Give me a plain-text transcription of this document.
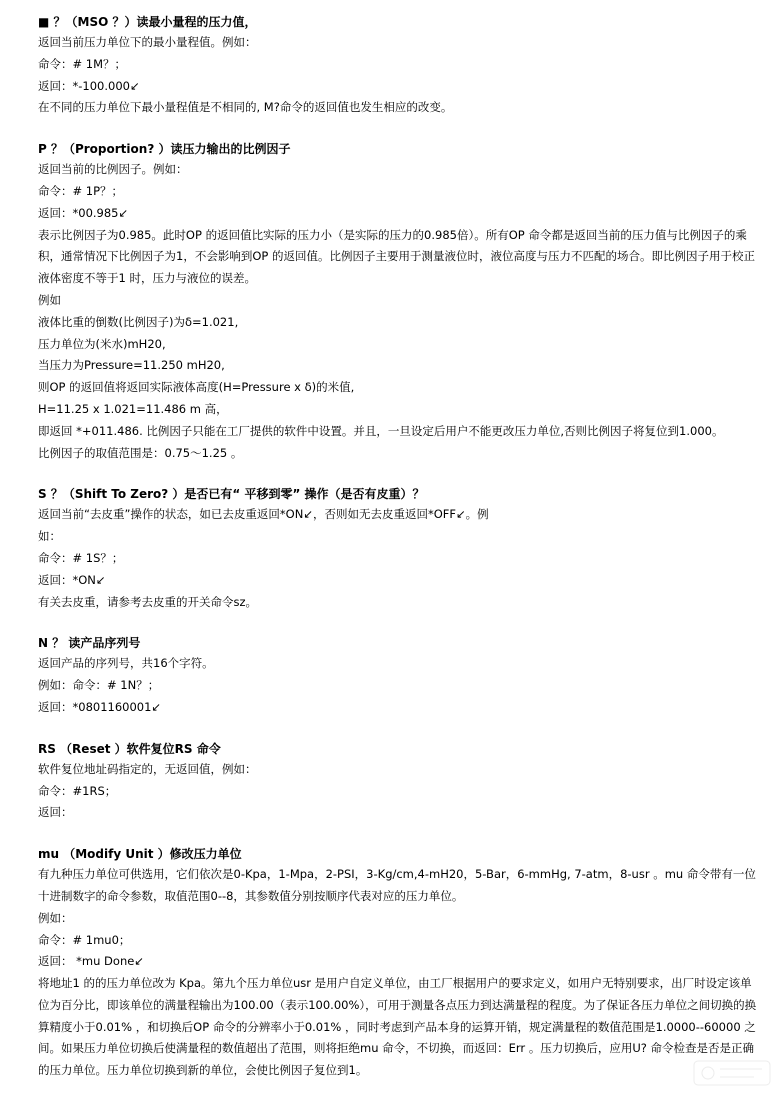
■ ？（MSO ？）读最小量程的压力值，
返回当前压力单位下的最小量程值。例如：
命令：# 1M？；
返回：*-100.000↙
在不同的压力单位下最小量程值是不相同的, M?命令的返回值也发生相应的改变。
P ？（Proportion? ）读压力输出的比例因子
返回当前的比例因子。例如：
命令：# 1P？；
返回：*00.985↙
表示比例因子为0.985。此时OP 的返回值比实际的压力小（是实际的压力的0.985倍）。所有OP 命令都是返回当前的压力值与比例因子的乘积，通常情况下比例因子为1，不会影响到OP 的返回值。比例因子主要用于测量液位时，液位高度与压力不匹配的场合。即比例因子用于校正液体密度不等于1 时，压力与液位的误差。
例如
液体比重的倒数(比例因子)为δ=1.021,
压力单位为(米水)mH20,
当压力为Pressure=11.250 mH20,
则OP 的返回值将返回实际液体高度(H=Pressure x δ)的米值,
H=11.25 x 1.021=11.486 m 高，
即返回 *+011.486. 比例因子只能在工厂提供的软件中设置。并且，一旦设定后用户不能更改压力单位,否则比例因子将复位到1.000。
比例因子的取值范围是：0.75～1.25 。
S ？（Shift To Zero? ）是否已有“ 平移到零” 操作（是否有皮重）？
返回当前“去皮重”操作的状态，如已去皮重返回*ON↙，否则如无去皮重返回*OFF↙。例
如：
命令：# 1S？；
返回：*ON↙
有关去皮重，请参考去皮重的开关命令sz。
N ？ 读产品序列号
返回产品的序列号，共16个字符。
例如：命令：# 1N？；
返回：*0801160001↙
RS （Reset ）软件复位RS 命令
软件复位地址码指定的，无返回值，例如：
命令：#1RS；
返回：
mu （Modify Unit ）修改压力单位
有九种压力单位可供选用，它们依次是0-Kpa，1-Mpa，2-PSI，3-Kg/cm,4-mH20，5-Bar，6-mmHg, 7-atm，8-usr 。mu 命令带有一位十进制数字的命令参数，取值范围0--8，其参数值分别按顺序代表对应的压力单位。
例如：
命令：# 1mu0；
返回： *mu Done↙
将地址1 的的压力单位改为 Kpa。第九个压力单位usr 是用户自定义单位，由工厂根据用户的要求定义，如用户无特别要求，出厂时设定该单位为百分比，即该单位的满量程输出为100.00（表示100.00%），可用于测量各点压力到达满量程的程度。为了保证各压力单位之间切换的换算精度小于0.01% ，和切换后OP 命令的分辨率小于0.01% ，同时考虑到产品本身的运算开销，规定满量程的数值范围是1.0000--60000 之间。如果压力单位切换后使满量程的数值超出了范围，则将拒绝mu 命令，不切换，而返回：Err 。压力切换后，应用U? 命令检查是否是正确的压力单位。压力单位切换到新的单位，会使比例因子复位到1。
